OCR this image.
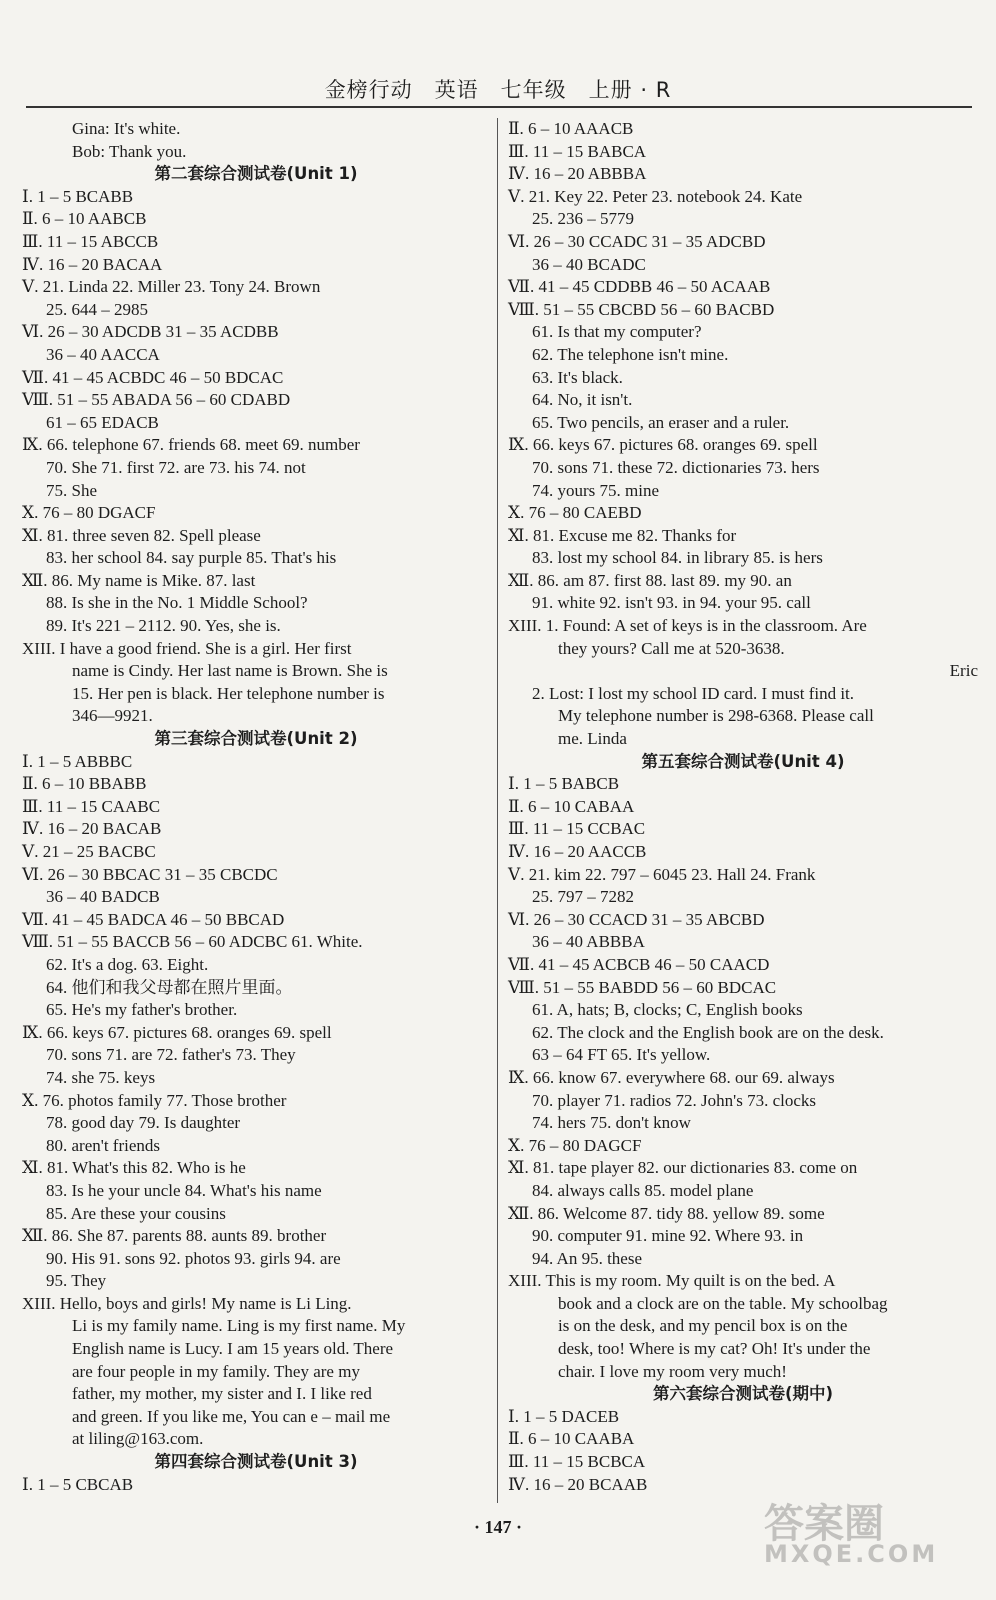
金榜行动　英语　七年级　上册 · R
Gina: It's white.
Bob: Thank you.
第二套综合测试卷(Unit 1)
Ⅰ. 1 – 5 BCABB
Ⅱ. 6 – 10 AABCB
Ⅲ. 11 – 15 ABCCB
Ⅳ. 16 – 20 BACAA
Ⅴ. 21. Linda 22. Miller 23. Tony 24. Brown
25. 644 – 2985
Ⅵ. 26 – 30 ADCDB 31 – 35 ACDBB
36 – 40 AACCA
Ⅶ. 41 – 45 ACBDC 46 – 50 BDCAC
Ⅷ. 51 – 55 ABADA 56 – 60 CDABD
61 – 65 EDACB
Ⅸ. 66. telephone 67. friends 68. meet 69. number
70. She 71. first 72. are 73. his 74. not
75. She
Ⅹ. 76 – 80 DGACF
Ⅺ. 81. three seven 82. Spell please
83. her school 84. say purple 85. That's his
Ⅻ. 86. My name is Mike. 87. last
88. Is she in the No. 1 Middle School?
89. It's 221 – 2112. 90. Yes, she is.
XIII. I have a good friend. She is a girl. Her first
name is Cindy. Her last name is Brown. She is
15. Her pen is black. Her telephone number is
346—9921.
第三套综合测试卷(Unit 2)
Ⅰ. 1 – 5 ABBBC
Ⅱ. 6 – 10 BBABB
Ⅲ. 11 – 15 CAABC
Ⅳ. 16 – 20 BACAB
Ⅴ. 21 – 25 BACBC
Ⅵ. 26 – 30 BBCAC 31 – 35 CBCDC
36 – 40 BADCB
Ⅶ. 41 – 45 BADCA 46 – 50 BBCAD
Ⅷ. 51 – 55 BACCB 56 – 60 ADCBC 61. White.
62. It's a dog. 63. Eight.
64. 他们和我父母都在照片里面。
65. He's my father's brother.
Ⅸ. 66. keys 67. pictures 68. oranges 69. spell
70. sons 71. are 72. father's 73. They
74. she 75. keys
Ⅹ. 76. photos family 77. Those brother
78. good day 79. Is daughter
80. aren't friends
Ⅺ. 81. What's this 82. Who is he
83. Is he your uncle 84. What's his name
85. Are these your cousins
Ⅻ. 86. She 87. parents 88. aunts 89. brother
90. His 91. sons 92. photos 93. girls 94. are
95. They
XIII. Hello, boys and girls! My name is Li Ling.
Li is my family name. Ling is my first name. My
English name is Lucy. I am 15 years old. There
are four people in my family. They are my
father, my mother, my sister and I. I like red
and green. If you like me, You can e – mail me
at liling@163.com.
第四套综合测试卷(Unit 3)
Ⅰ. 1 – 5 CBCAB
Ⅱ. 6 – 10 AAACB
Ⅲ. 11 – 15 BABCA
Ⅳ. 16 – 20 ABBBA
Ⅴ. 21. Key 22. Peter 23. notebook 24. Kate
25. 236 – 5779
Ⅵ. 26 – 30 CCADC 31 – 35 ADCBD
36 – 40 BCADC
Ⅶ. 41 – 45 CDDBB 46 – 50 ACAAB
Ⅷ. 51 – 55 CBCBD 56 – 60 BACBD
61. Is that my computer?
62. The telephone isn't mine.
63. It's black.
64. No, it isn't.
65. Two pencils, an eraser and a ruler.
Ⅸ. 66. keys 67. pictures 68. oranges 69. spell
70. sons 71. these 72. dictionaries 73. hers
74. yours 75. mine
Ⅹ. 76 – 80 CAEBD
Ⅺ. 81. Excuse me 82. Thanks for
83. lost my school 84. in library 85. is hers
Ⅻ. 86. am 87. first 88. last 89. my 90. an
91. white 92. isn't 93. in 94. your 95. call
XIII. 1. Found: A set of keys is in the classroom. Are
they yours? Call me at 520-3638.
Eric
2. Lost: I lost my school ID card. I must find it.
My telephone number is 298-6368. Please call
me. Linda
第五套综合测试卷(Unit 4)
Ⅰ. 1 – 5 BABCB
Ⅱ. 6 – 10 CABAA
Ⅲ. 11 – 15 CCBAC
Ⅳ. 16 – 20 AACCB
Ⅴ. 21. kim 22. 797 – 6045 23. Hall 24. Frank
25. 797 – 7282
Ⅵ. 26 – 30 CCACD 31 – 35 ABCBD
36 – 40 ABBBA
Ⅶ. 41 – 45 ACBCB 46 – 50 CAACD
Ⅷ. 51 – 55 BABDD 56 – 60 BDCAC
61. A, hats; B, clocks; C, English books
62. The clock and the English book are on the desk.
63 – 64 FT 65. It's yellow.
Ⅸ. 66. know 67. everywhere 68. our 69. always
70. player 71. radios 72. John's 73. clocks
74. hers 75. don't know
Ⅹ. 76 – 80 DAGCF
Ⅺ. 81. tape player 82. our dictionaries 83. come on
84. always calls 85. model plane
Ⅻ. 86. Welcome 87. tidy 88. yellow 89. some
90. computer 91. mine 92. Where 93. in
94. An 95. these
XIII. This is my room. My quilt is on the bed. A
book and a clock are on the table. My schoolbag
is on the desk, and my pencil box is on the
desk, too! Where is my cat? Oh! It's under the
chair. I love my room very much!
第六套综合测试卷(期中)
Ⅰ. 1 – 5 DACEB
Ⅱ. 6 – 10 CAABA
Ⅲ. 11 – 15 BCBCA
Ⅳ. 16 – 20 BCAAB
· 147 ·	答案圈
MXQE.COM
